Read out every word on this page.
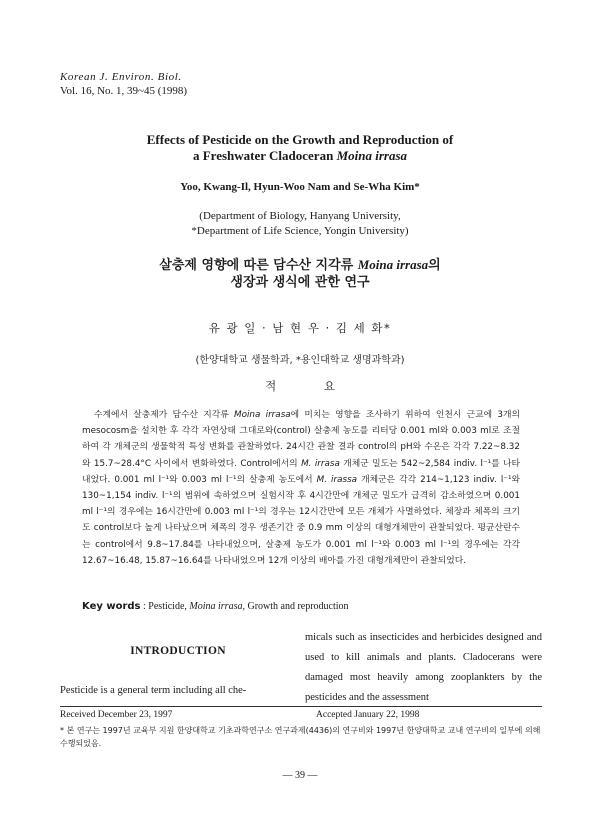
Korean J. Environ. Biol.
Vol. 16, No. 1, 39~45 (1998)
Effects of Pesticide on the Growth and Reproduction of
a Freshwater Cladoceran Moina irrasa
Yoo, Kwang-Il, Hyun-Woo Nam and Se-Wha Kim*
(Department of Biology, Hanyang University,
*Department of Life Science, Yongin University)
살충제 영향에 따른 담수산 지각류 Moina irrasa의
생장과 생식에 관한 연구
유 광 일 · 남 현 우 · 김 세 화*
(한양대학교 생물학과, *용인대학교 생명과학과)
적 요

수계에서 살충제가 담수산 지각류 Moina irrasa에 미치는 영향을 조사하기 위하여 인천시 근교에 3개의 mesocosm을 설치한 후 각각 자연상태 그대로와(control) 살충제 농도를 리터당 0.001 ml와 0.003 ml로 조절하여 각 개체군의 생물학적 특성 변화를 관찰하였다. 24시간 관찰 결과 control의 pH와 수온은 각각 7.22~8.32와 15.7~28.4°C 사이에서 변화하였다. Control에서의 M. irrasa 개체군 밀도는 542~2,584 indiv. l⁻¹를 나타내었다. 0.001 ml l⁻¹와 0.003 ml l⁻¹의 살충제 농도에서 M. irassa 개체군은 각각 214~1,123 indiv. l⁻¹와 130~1,154 indiv. l⁻¹의 범위에 속하였으며 실험시작 후 4시간만에 개체군 밀도가 급격히 감소하였으며 0.001 ml l⁻¹의 경우에는 16시간만에 0.003 ml l⁻¹의 경우는 12시간만에 모든 개체가 사멸하였다. 체장과 체폭의 크기도 control보다 높게 나타났으며 체폭의 경우 생존기간 중 0.9 mm 이상의 대형개체만이 관찰되었다. 평균산란수는 control에서 9.8~17.84를 나타내었으며, 살충제 농도가 0.001 ml l⁻¹와 0.003 ml l⁻¹의 경우에는 각각 12.67~16.48, 15.87~16.64를 나타내었으며 12개 이상의 배아를 가진 대형개체만이 관찰되었다.

Key words : Pesticide, Moina irrasa, Growth and reproduction
INTRODUCTION

Pesticide is a general term including all che-

micals such as insecticides and herbicides designed and used to kill animals and plants. Cladocerans were damaged most heavily among zooplankters by the pesticides and the assessment

Received December 23, 1997	Accepted January 22, 1998

* 본 연구는 1997년 교육부 지원 한양대학교 기초과학연구소 연구과제(4436)의 연구비와 1997년 한양대학교 교내 연구비의 일부에 의해 수행되었음.

— 39 —
